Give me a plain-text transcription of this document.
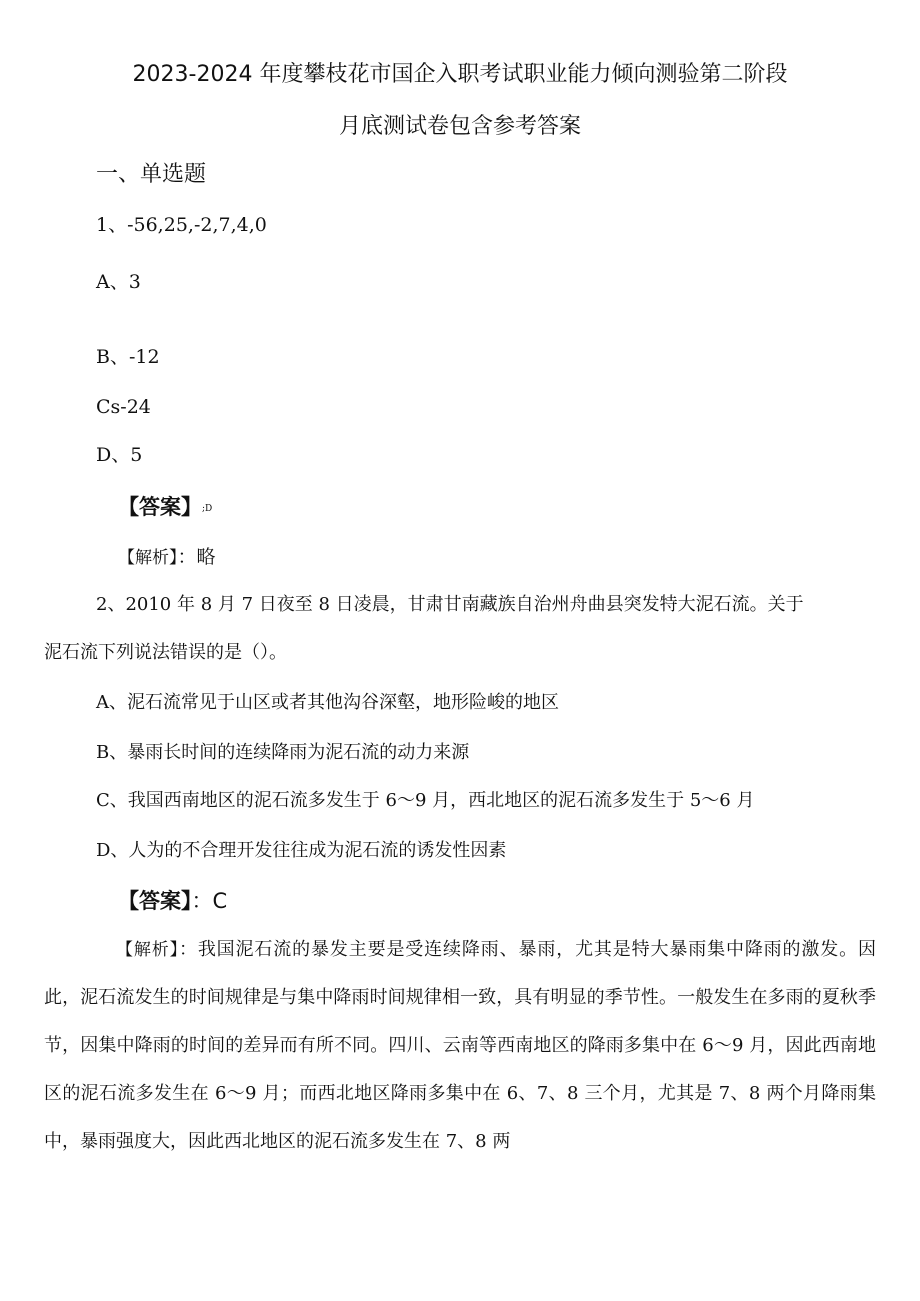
2023-2024 年度攀枝花市国企入职考试职业能力倾向测验第二阶段
月底测试卷包含参考答案
一、单选题
1、-56,25,-2,7,4,0
A、3
B、-12
Cs-24
D、5
【答案】;D
【解析】：略
2、2010 年 8 月 7 日夜至 8 日凌晨，甘肃甘南藏族自治州舟曲县突发特大泥石流。关于
泥石流下列说法错误的是（）。
A、泥石流常见于山区或者其他沟谷深壑，地形险峻的地区
B、暴雨长时间的连续降雨为泥石流的动力来源
C、我国西南地区的泥石流多发生于 6～9 月，西北地区的泥石流多发生于 5～6 月
D、人为的不合理开发往往成为泥石流的诱发性因素
【答案】：C
【解析】：我国泥石流的暴发主要是受连续降雨、暴雨，尤其是特大暴雨集中降雨的激发。因此，泥石流发生的时间规律是与集中降雨时间规律相一致，具有明显的季节性。一般发生在多雨的夏秋季节，因集中降雨的时间的差异而有所不同。四川、云南等西南地区的降雨多集中在 6～9 月，因此西南地区的泥石流多发生在 6～9 月；而西北地区降雨多集中在 6、7、8 三个月，尤其是 7、8 两个月降雨集中，暴雨强度大，因此西北地区的泥石流多发生在 7、8 两
